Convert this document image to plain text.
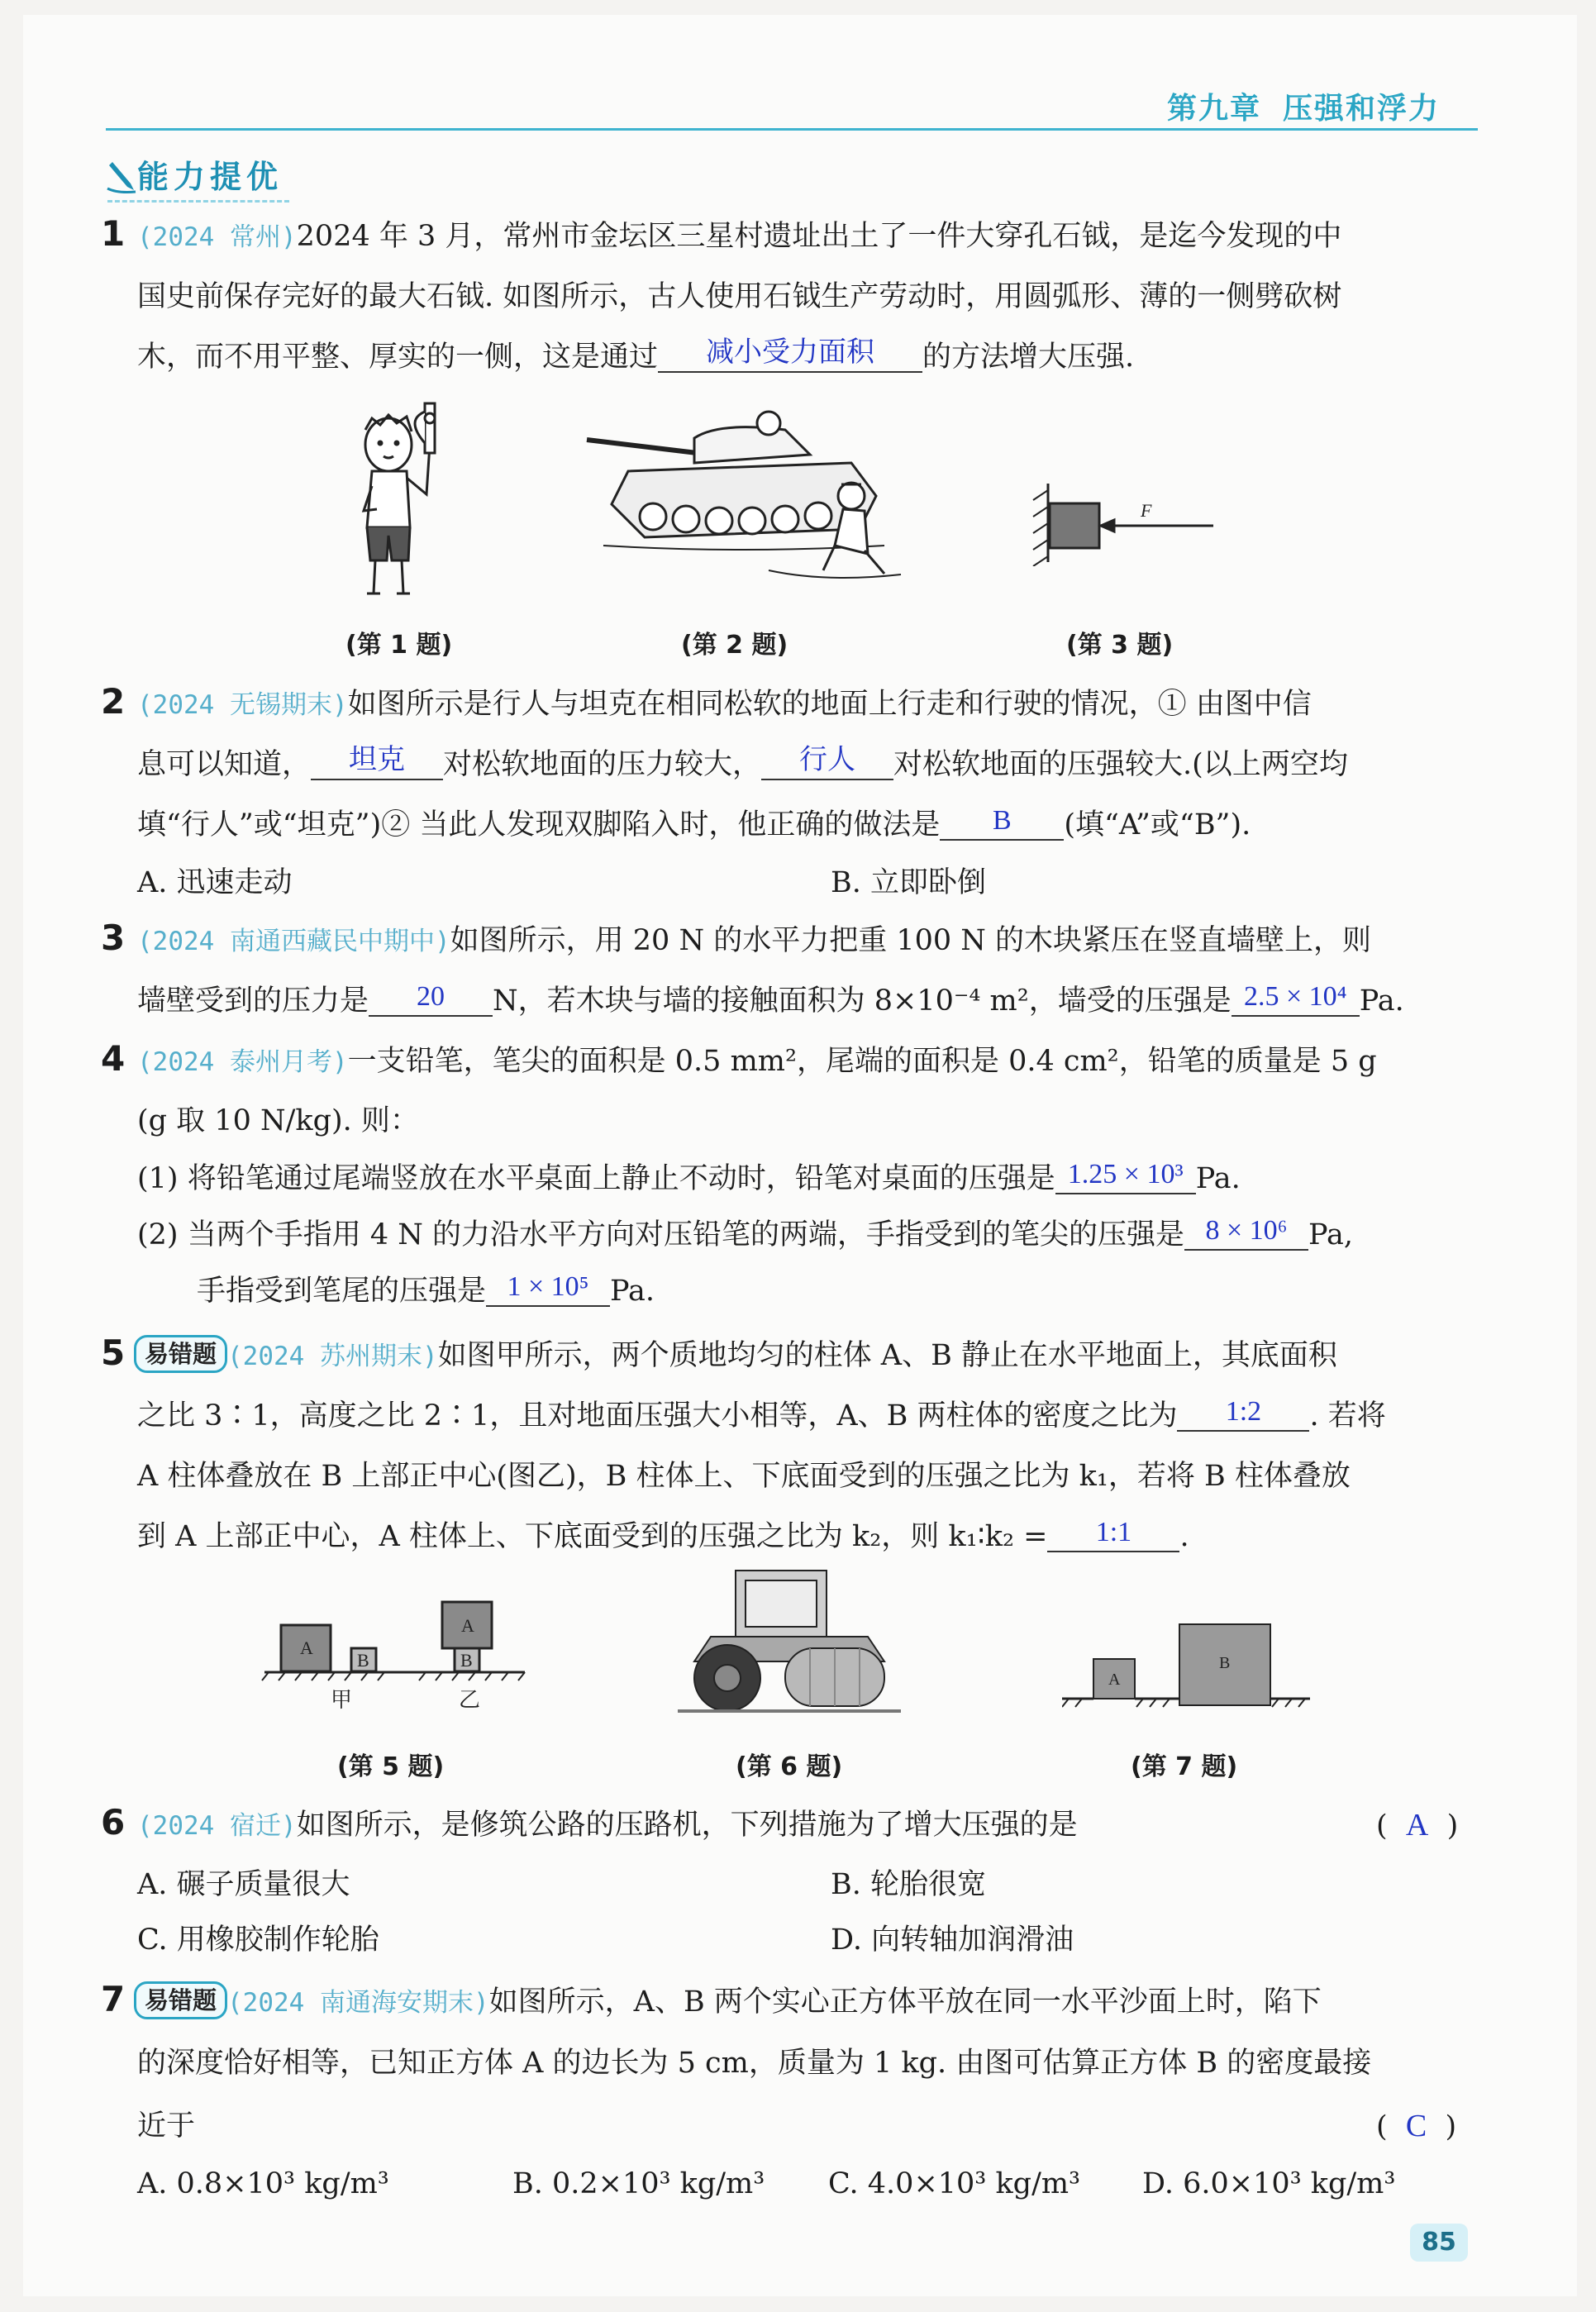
第九章 压强和浮力
能力提优
1 (2024 常州)2024 年 3 月，常州市金坛区三星村遗址出土了一件大穿孔石钺，是迄今发现的中
国史前保存完好的最大石钺. 如图所示，古人使用石钺生产劳动时，用圆弧形、薄的一侧劈砍树
木，而不用平整、厚实的一侧，这是通过 减小受力面积 的方法增大压强.
F
(第 1 题)	(第 2 题)	(第 3 题)
2 (2024 无锡期末)如图所示是行人与坦克在相同松软的地面上行走和行驶的情况，① 由图中信
息可以知道， 坦克 对松软地面的压力较大， 行人 对松软地面的压强较大.(以上两空均
填“行人”或“坦克”)② 当此人发现双脚陷入时，他正确的做法是 B (填“A”或“B”).
A. 迅速走动	B. 立即卧倒
3 (2024 南通西藏民中期中)如图所示，用 20 N 的水平力把重 100 N 的木块紧压在竖直墙壁上，则
墙壁受到的压力是 20 N，若木块与墙的接触面积为 8×10⁻⁴ m²，墙受的压强是 2.5 × 10⁴ Pa.
4 (2024 泰州月考)一支铅笔，笔尖的面积是 0.5 mm²，尾端的面积是 0.4 cm²，铅笔的质量是 5 g
(g 取 10 N/kg). 则：
(1) 将铅笔通过尾端竖放在水平桌面上静止不动时，铅笔对桌面的压强是 1.25 × 10³ Pa.
(2) 当两个手指用 4 N 的力沿水平方向对压铅笔的两端，手指受到的笔尖的压强是 8 × 10⁶ Pa,
手指受到笔尾的压强是 1 × 10⁵ Pa.
5 易错题 (2024 苏州期末)如图甲所示，两个质地均匀的柱体 A、B 静止在水平地面上，其底面积
之比 3∶1，高度之比 2∶1，且对地面压强大小相等，A、B 两柱体的密度之比为 1:2 . 若将
A 柱体叠放在 B 上部正中心(图乙)，B 柱体上、下底面受到的压强之比为 k₁，若将 B 柱体叠放
到 A 上部正中心，A 柱体上、下底面受到的压强之比为 k₂，则 k₁∶k₂ = 1:1 .
A
B
A
B
甲	乙
A
B
(第 5 题)	(第 6 题)	(第 7 题)
6 (2024 宿迁)如图所示，是修筑公路的压路机，下列措施为了增大压强的是	(  A  )
A. 碾子质量很大	B. 轮胎很宽
C. 用橡胶制作轮胎	D. 向转轴加润滑油
7 易错题 (2024 南通海安期末)如图所示，A、B 两个实心正方体平放在同一水平沙面上时，陷下
的深度恰好相等，已知正方体 A 的边长为 5 cm，质量为 1 kg. 由图可估算正方体 B 的密度最接
近于	(  C  )
A. 0.8×10³ kg/m³	B. 0.2×10³ kg/m³ C. 4.0×10³ kg/m³ D. 6.0×10³ kg/m³
85
